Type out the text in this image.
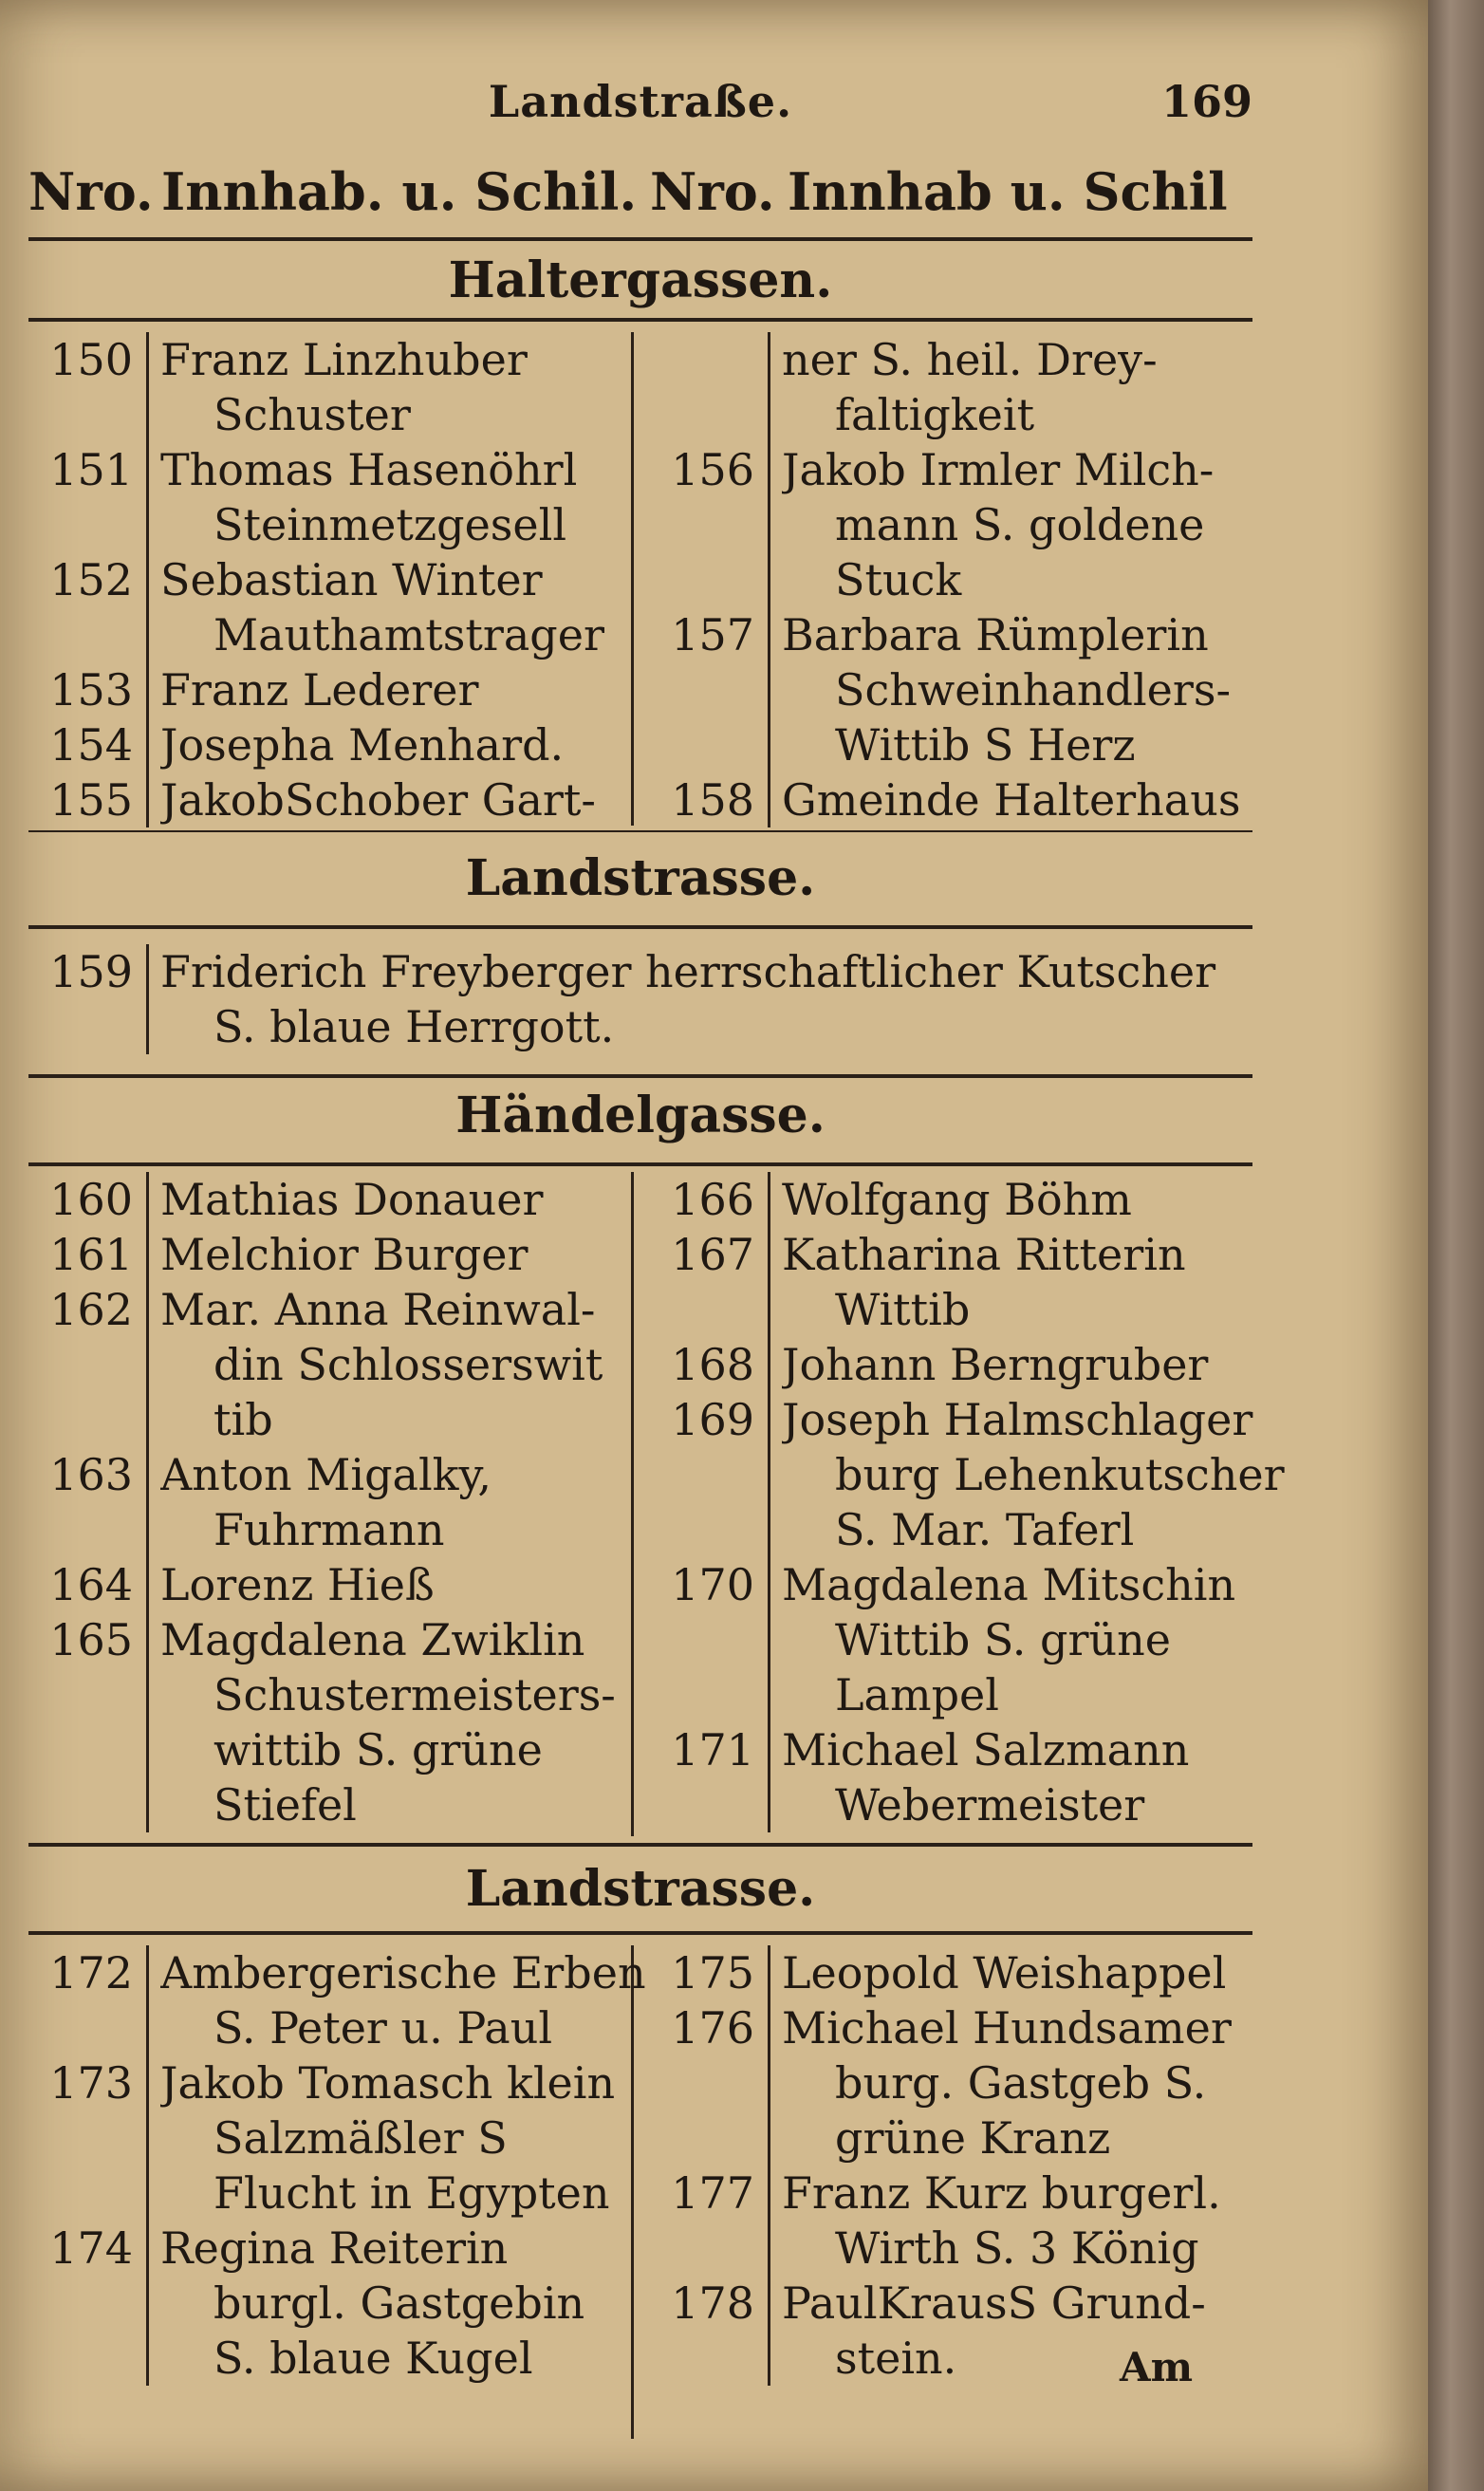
Landstraße.	169
Nro. Innhab. u. Schil. Nro. Innhab u. Schil
Haltergassen.
150 Franz Linzhuber
Schuster
151 Thomas Hasenöhrl
Steinmetzgesell
152 Sebastian Winter
Mauthamtstrager
153 Franz Lederer
154 Josepha Menhard.
155 JakobSchober Gart-
ner S. heil. Drey-
faltigkeit
156 Jakob Irmler Milch-
mann S. goldene
Stuck
157 Barbara Rümplerin
Schweinhandlers-
Wittib S Herz
158 Gmeinde Halterhaus
Landstrasse.
159 Friderich Freyberger herrschaftlicher Kutscher
S. blaue Herrgott.
Händelgasse.
160 Mathias Donauer
161 Melchior Burger
162 Mar. Anna Reinwal-
din Schlosserswit
tib
163 Anton Migalky,
Fuhrmann
164 Lorenz Hieß
165 Magdalena Zwiklin
Schustermeisters-
wittib S. grüne
Stiefel
166 Wolfgang Böhm
167 Katharina Ritterin
Wittib
168 Johann Berngruber
169 Joseph Halmschlager
burg Lehenkutscher
S. Mar. Taferl
170 Magdalena Mitschin
Wittib S. grüne
Lampel
171 Michael Salzmann
Webermeister
Landstrasse.
172 Ambergerische Erben
S. Peter u. Paul
173 Jakob Tomasch klein
Salzmäßler S
Flucht in Egypten
174 Regina Reiterin
burgl. Gastgebin
S. blaue Kugel
175 Leopold Weishappel
176 Michael Hundsamer
burg. Gastgeb S.
grüne Kranz
177 Franz Kurz burgerl.
Wirth S. 3 König
178 PaulKrausS Grund-
stein.	Am
